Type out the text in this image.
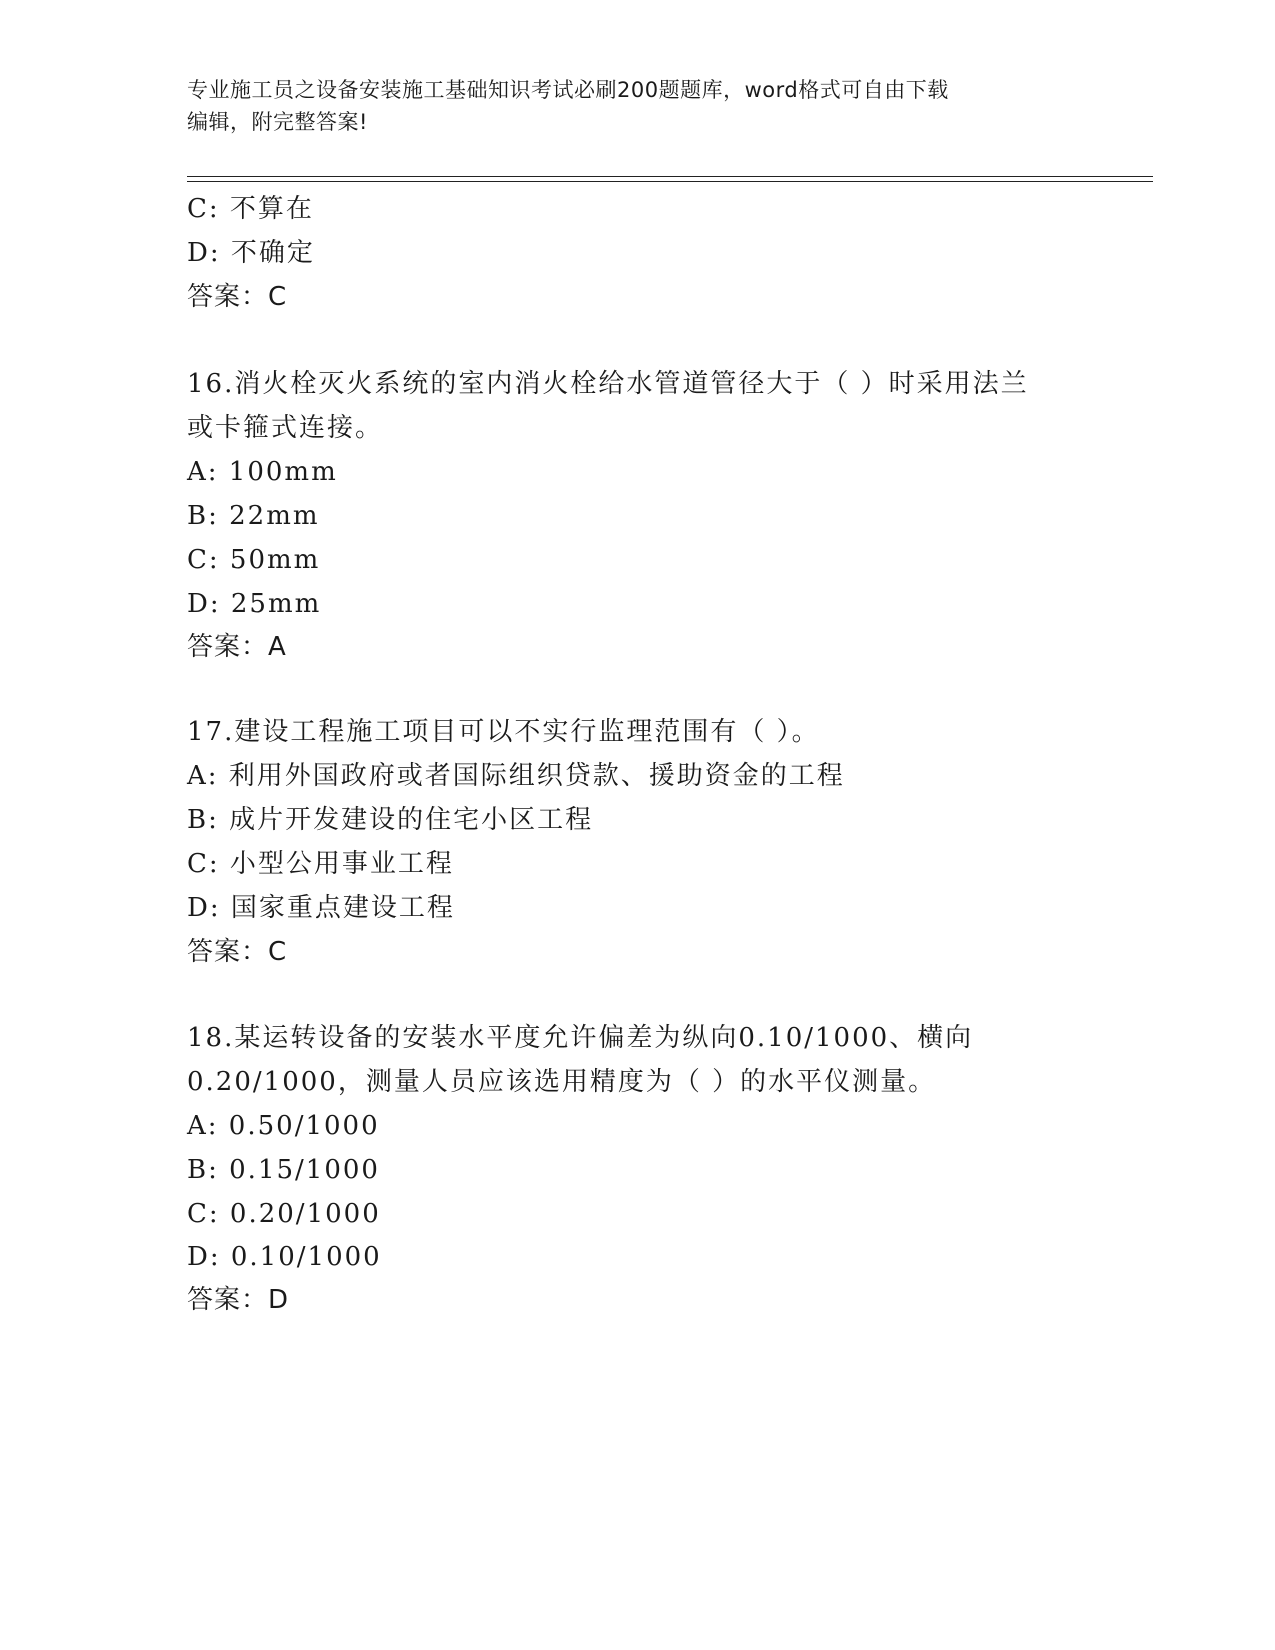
专业施工员之设备安装施工基础知识考试必刷200题题库，word格式可自由下载
编辑，附完整答案!
C: 不算在
D: 不确定
答案：C
16.消火栓灭火系统的室内消火栓给水管道管径大于（ ）时采用法兰
或卡箍式连接。
A: 100mm
B: 22mm
C: 50mm
D: 25mm
答案：A
17.建设工程施工项目可以不实行监理范围有（ ）。
A: 利用外国政府或者国际组织贷款、援助资金的工程
B: 成片开发建设的住宅小区工程
C: 小型公用事业工程
D: 国家重点建设工程
答案：C
18.某运转设备的安装水平度允许偏差为纵向0.10/1000、横向
0.20/1000，测量人员应该选用精度为（ ）的水平仪测量。
A: 0.50/1000
B: 0.15/1000
C: 0.20/1000
D: 0.10/1000
答案：D
